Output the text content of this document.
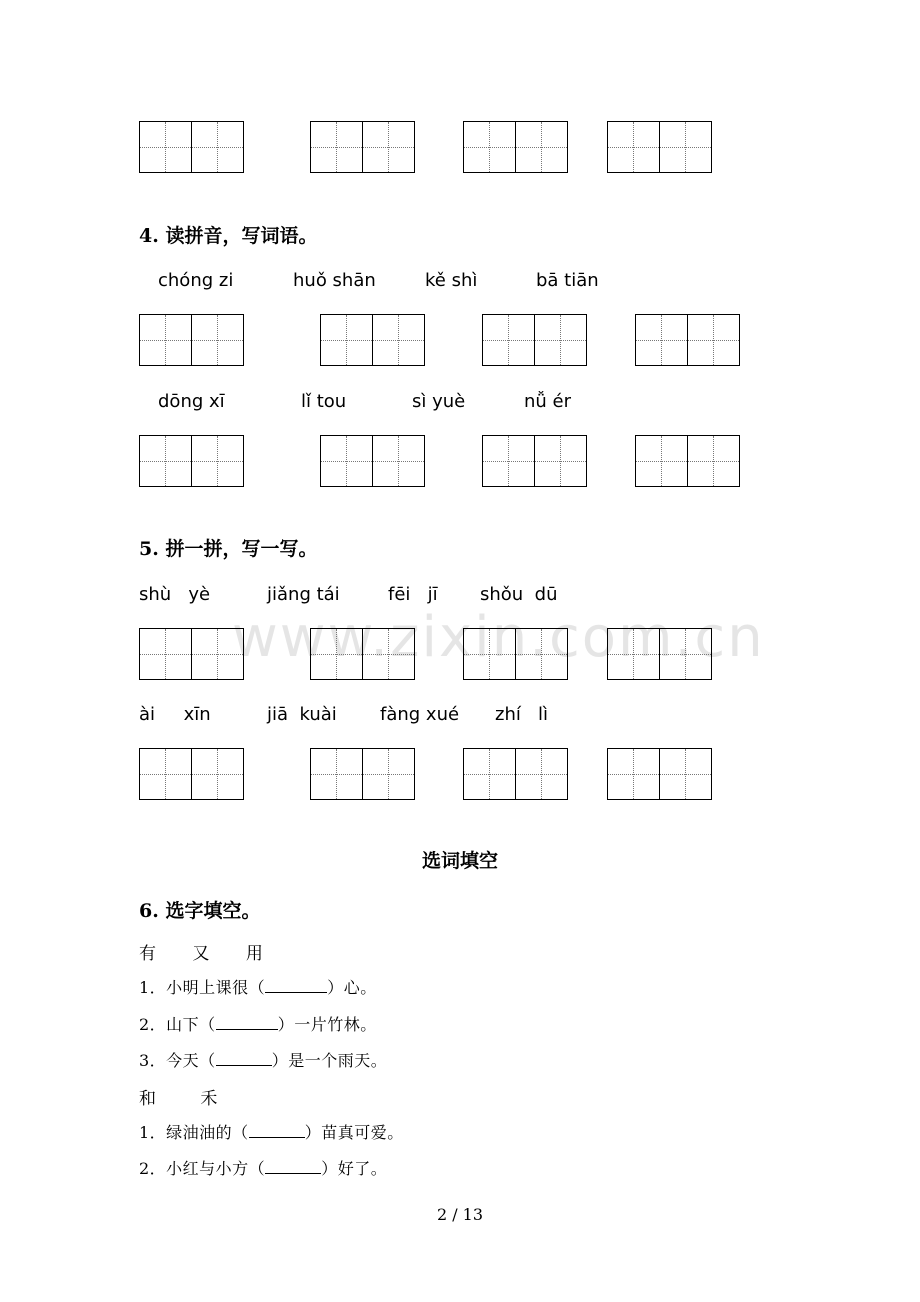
www.zixin.com.cn
4. 读拼音，写词语。
chóng zi	huǒ shān	kě shì	bā tiān
dōng xī	lǐ tou	sì yuè	nǚ ér
5. 拼一拼，写一写。
shù   yè	jiǎng tái	fēi   jī shǒu  dū
ài     xīn	jiā  kuài fàng xué zhí   lì
选词填空
6. 选字填空。
有 又 用
1．小明上课很（	）心。
2．山下（	）一片竹林。
3．今天（	）是一个雨天。
和	禾
1．绿油油的（	）苗真可爱。
2．小红与小方（	）好了。
2 / 13
